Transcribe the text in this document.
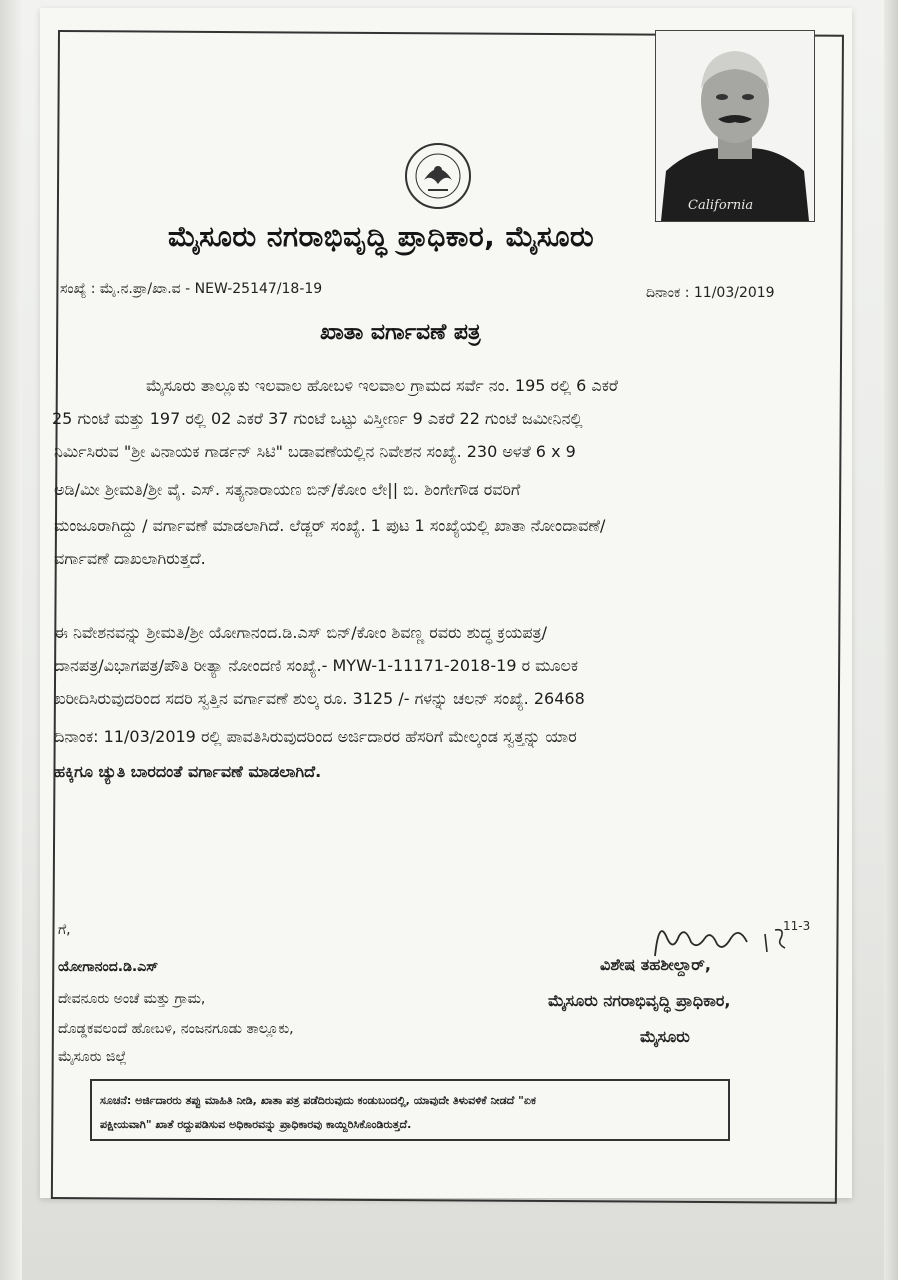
California
ಮೈಸೂರು ನಗರಾಭಿವೃದ್ಧಿ ಪ್ರಾಧಿಕಾರ, ಮೈಸೂರು
ಸಂಖ್ಯೆ : ಮೈ.ನ.ಪ್ರಾ/ಖಾ.ವ - NEW-25147/18-19	ದಿನಾಂಕ : 11/03/2019
ಖಾತಾ ವರ್ಗಾವಣೆ ಪತ್ರ
ಮೈಸೂರು ತಾಲ್ಲೂಕು ಇಲವಾಲ ಹೋಬಳಿ ಇಲವಾಲ ಗ್ರಾಮದ ಸರ್ವೆ ನಂ. 195 ರಲ್ಲಿ 6 ಎಕರೆ
25 ಗುಂಟೆ ಮತ್ತು 197 ರಲ್ಲಿ 02 ಎಕರೆ 37 ಗುಂಟೆ ಒಟ್ಟು ವಿಸ್ತೀರ್ಣ 9 ಎಕರೆ 22 ಗುಂಟೆ ಜಮೀನಿನಲ್ಲಿ
ನಿರ್ಮಿಸಿರುವ "ಶ್ರೀ ವಿನಾಯಕ ಗಾರ್ಡನ್ ಸಿಟಿ" ಬಡಾವಣೆಯಲ್ಲಿನ ನಿವೇಶನ ಸಂಖ್ಯೆ. 230 ಅಳತೆ 6 x 9
ಅಡಿ/ಮೀ ಶ್ರೀಮತಿ/ಶ್ರೀ ವೈ. ಎಸ್. ಸತ್ಯನಾರಾಯಣ ಬಿನ್/ಕೋಂ ಲೇ|| ಬಿ. ಶಿಂಗೇಗೌಡ ರವರಿಗೆ
ಮಂಜೂರಾಗಿದ್ದು / ವರ್ಗಾವಣೆ ಮಾಡಲಾಗಿದೆ. ಲೆಡ್ಜರ್ ಸಂಖ್ಯೆ. 1 ಪುಟ 1 ಸಂಖ್ಯೆಯಲ್ಲಿ ಖಾತಾ ನೋಂದಾವಣೆ/
ವರ್ಗಾವಣೆ ದಾಖಲಾಗಿರುತ್ತದೆ.
ಈ ನಿವೇಶನವನ್ನು ಶ್ರೀಮತಿ/ಶ್ರೀ ಯೋಗಾನಂದ.ಡಿ.ಎಸ್ ಬಿನ್/ಕೋಂ ಶಿವಣ್ಣ ರವರು ಶುದ್ಧ ಕ್ರಯಪತ್ರ/
ದಾನಪತ್ರ/ವಿಭಾಗಪತ್ರ/ಪೌತಿ ರೀತ್ಯಾ ನೋಂದಣಿ ಸಂಖ್ಯೆ.- MYW-1-11171-2018-19 ರ ಮೂಲಕ
ಖರೀದಿಸಿರುವುದರಿಂದ ಸದರಿ ಸ್ವತ್ತಿನ ವರ್ಗಾವಣೆ ಶುಲ್ಕ ರೂ. 3125 /- ಗಳನ್ನು ಚಲನ್ ಸಂಖ್ಯೆ. 26468
ದಿನಾಂಕ: 11/03/2019 ರಲ್ಲಿ ಪಾವತಿಸಿರುವುದರಿಂದ ಅರ್ಜಿದಾರರ ಹೆಸರಿಗೆ ಮೇಲ್ಕಂಡ ಸ್ವತ್ತನ್ನು ಯಾರ
ಹಕ್ಕಿಗೂ ಚ್ಯುತಿ ಬಾರದಂತೆ ವರ್ಗಾವಣೆ ಮಾಡಲಾಗಿದೆ.
ಗೆ,
ಯೋಗಾನಂದ.ಡಿ.ಎಸ್
ದೇವನೂರು ಅಂಚೆ ಮತ್ತು ಗ್ರಾಮ,
ದೊಡ್ಡಕವಲಂದೆ ಹೋಬಳಿ, ನಂಜನಗೂಡು ತಾಲ್ಲೂಕು,
ಮೈಸೂರು ಜಿಲ್ಲೆ
11-3
ವಿಶೇಷ ತಹಶೀಲ್ದಾರ್,
ಮೈಸೂರು ನಗರಾಭಿವೃದ್ಧಿ ಪ್ರಾಧಿಕಾರ,
ಮೈಸೂರು
ಸೂಚನೆ: ಅರ್ಜಿದಾರರು ತಪ್ಪು ಮಾಹಿತಿ ನೀಡಿ, ಖಾತಾ ಪತ್ರ ಪಡೆದಿರುವುದು ಕಂಡುಬಂದಲ್ಲಿ, ಯಾವುದೇ ತಿಳುವಳಿಕೆ ನೀಡದೆ "ಏಕ
ಪಕ್ಷೀಯವಾಗಿ" ಖಾತೆ ರದ್ದುಪಡಿಸುವ ಅಧಿಕಾರವನ್ನು ಪ್ರಾಧಿಕಾರವು ಕಾಯ್ದಿರಿಸಿಕೊಂಡಿರುತ್ತದೆ.
